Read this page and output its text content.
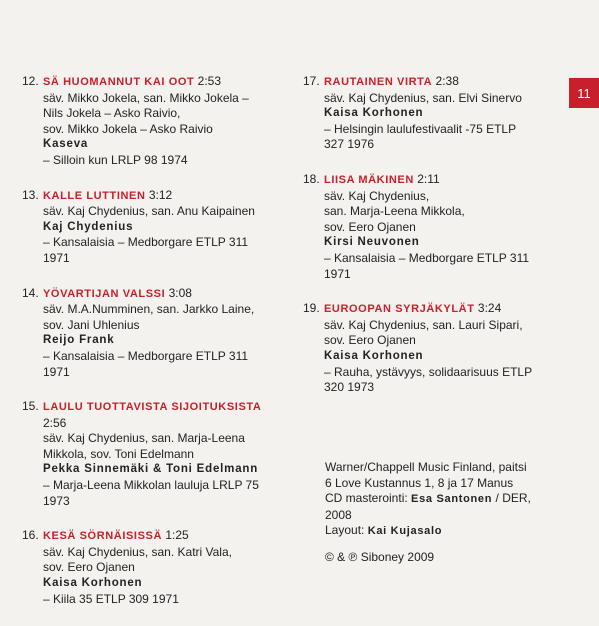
12. SÄ HUOMANNUT KAI OOT 2:53
säv. Mikko Jokela, san. Mikko Jokela –
Nils Jokela – Asko Raivio,
sov. Mikko Jokela – Asko Raivio
Kaseva
– Silloin kun LRLP 98 1974
13. KALLE LUTTINEN 3:12
säv. Kaj Chydenius, san. Anu Kaipainen
Kaj Chydenius
– Kansalaisia – Medborgare ETLP 311
1971
14. YÖVARTIJAN VALSSI 3:08
säv. M.A.Numminen, san. Jarkko Laine,
sov. Jani Uhlenius
Reijo Frank
– Kansalaisia – Medborgare ETLP 311
1971
15. LAULU TUOTTAVISTA SIJOITUKSISTA 2:56
säv. Kaj Chydenius, san. Marja-Leena
Mikkola, sov. Toni Edelmann
Pekka Sinnemäki & Toni Edelmann
– Marja-Leena Mikkolan lauluja LRLP 75
1973
16. KESÄ SÖRNÄISISSÄ 1:25
säv. Kaj Chydenius, san. Katri Vala,
sov. Eero Ojanen
Kaisa Korhonen
– Kiila 35 ETLP 309 1971
17. RAUTAINEN VIRTA 2:38
säv. Kaj Chydenius, san. Elvi Sinervo
Kaisa Korhonen
– Helsingin laulufestivaalit -75 ETLP
327 1976
18. LIISA MÄKINEN 2:11
säv. Kaj Chydenius,
san. Marja-Leena Mikkola,
sov. Eero Ojanen
Kirsi Neuvonen
– Kansalaisia – Medborgare ETLP 311
1971
19. EUROOPAN SYRJÄKYLÄT 3:24
säv. Kaj Chydenius, san. Lauri Sipari,
sov. Eero Ojanen
Kaisa Korhonen
– Rauha, ystävyys, solidaarisuus ETLP
320 1973
11
Warner/Chappell Music Finland, paitsi
6 Love Kustannus 1, 8 ja 17 Manus
CD masterointi: Esa Santonen / DER,
2008
Layout: Kai Kujasalo
© & ℗ Siboney 2009
